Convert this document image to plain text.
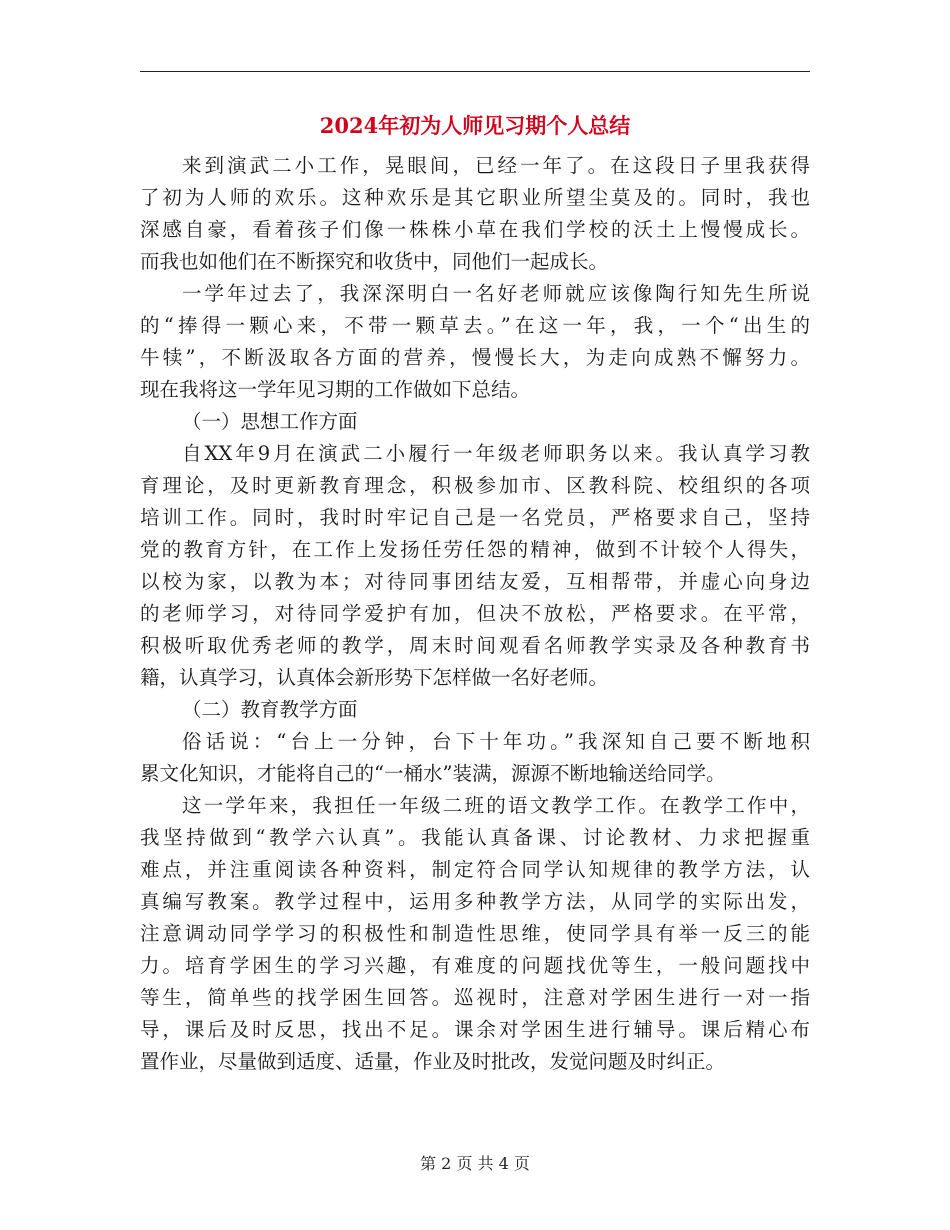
2024年初为人师见习期个人总结

来到演武二小工作，晃眼间，已经一年了。在这段日子里我获得
了初为人师的欢乐。这种欢乐是其它职业所望尘莫及的。同时，我也
深感自豪，看着孩子们像一株株小草在我们学校的沃土上慢慢成长。
而我也如他们在不断探究和收货中，同他们一起成长。

一学年过去了，我深深明白一名好老师就应该像陶行知先生所说
的“捧得一颗心来，不带一颗草去。”在这一年，我，一个“出生的
牛犊”，不断汲取各方面的营养，慢慢长大，为走向成熟不懈努力。
现在我将这一学年见习期的工作做如下总结。

（一）思想工作方面

自XX年9月在演武二小履行一年级老师职务以来。我认真学习教
育理论，及时更新教育理念，积极参加市、区教科院、校组织的各项
培训工作。同时，我时时牢记自己是一名党员，严格要求自己，坚持
党的教育方针，在工作上发扬任劳任怨的精神，做到不计较个人得失，
以校为家，以教为本；对待同事团结友爱，互相帮带，并虚心向身边
的老师学习，对待同学爱护有加，但决不放松，严格要求。在平常，
积极听取优秀老师的教学，周末时间观看名师教学实录及各种教育书
籍，认真学习，认真体会新形势下怎样做一名好老师。

（二）教育教学方面

俗话说：“台上一分钟，台下十年功。”我深知自己要不断地积
累文化知识，才能将自己的“一桶水”装满，源源不断地输送给同学。

这一学年来，我担任一年级二班的语文教学工作。在教学工作中，
我坚持做到“教学六认真”。我能认真备课、讨论教材、力求把握重
难点，并注重阅读各种资料，制定符合同学认知规律的教学方法，认
真编写教案。教学过程中，运用多种教学方法，从同学的实际出发，
注意调动同学学习的积极性和制造性思维，使同学具有举一反三的能
力。培育学困生的学习兴趣，有难度的问题找优等生，一般问题找中
等生，简单些的找学困生回答。巡视时，注意对学困生进行一对一指
导，课后及时反思，找出不足。课余对学困生进行辅导。课后精心布
置作业，尽量做到适度、适量，作业及时批改，发觉问题及时纠正。

第 2 页 共 4 页
